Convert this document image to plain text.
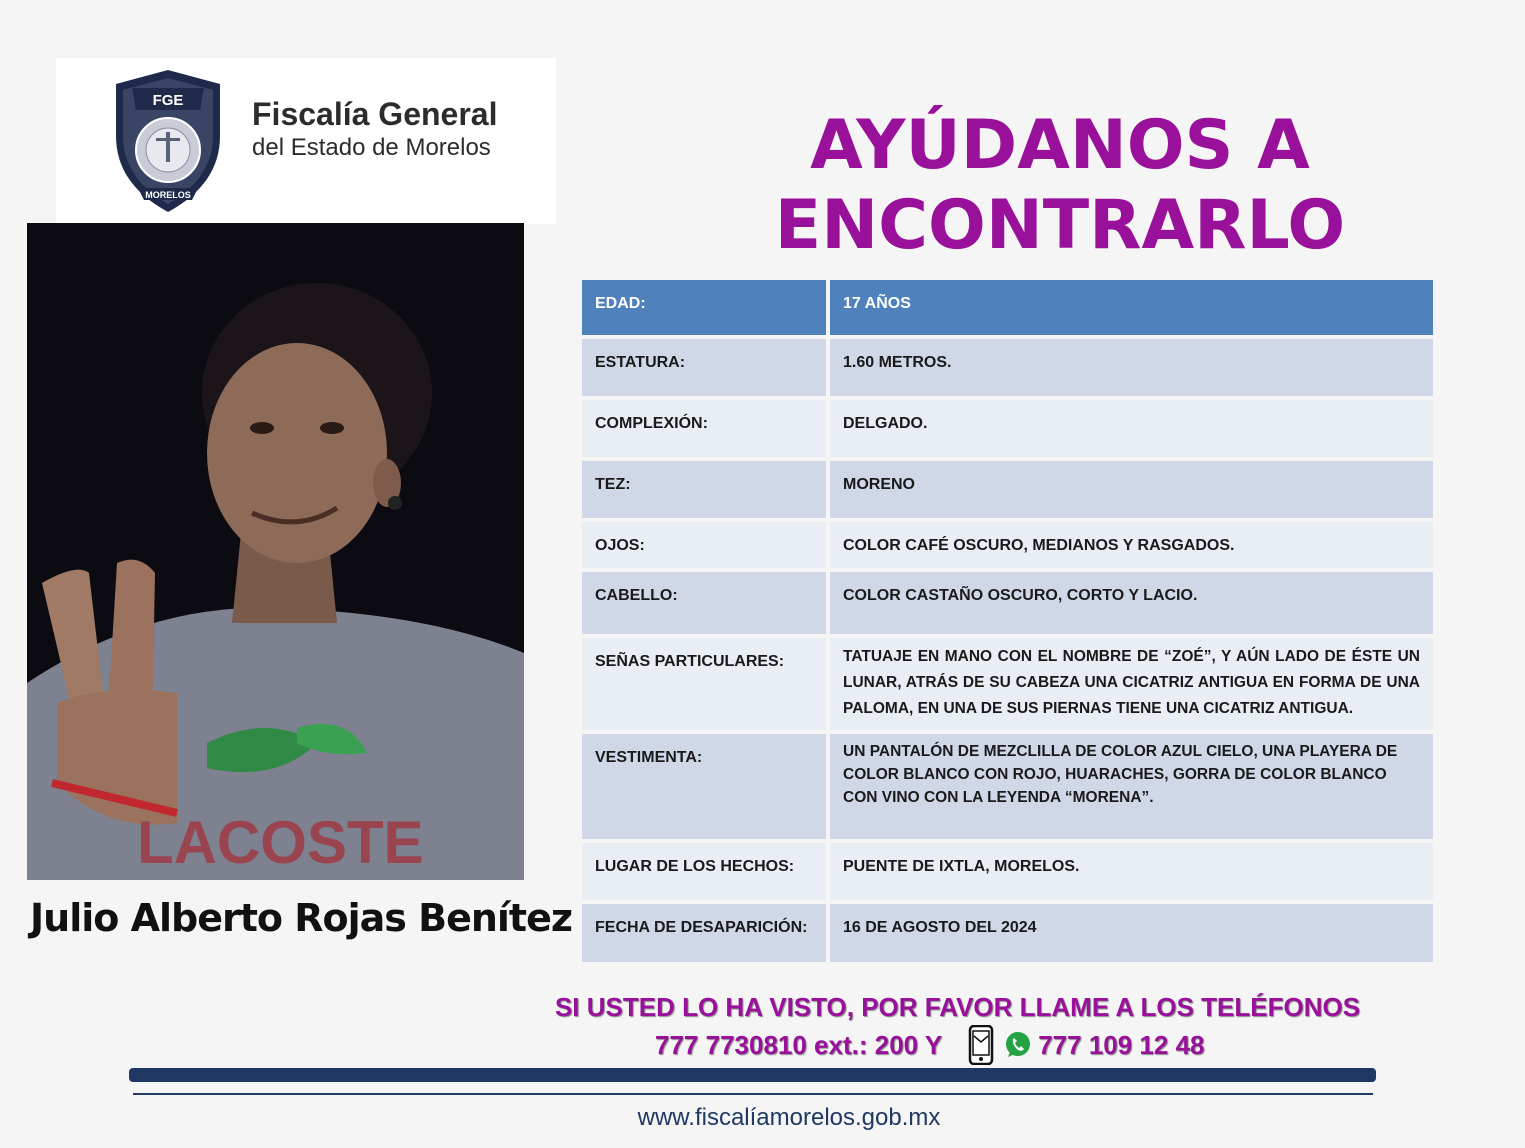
FGE
MORELOS
Fiscalía General
del Estado de Morelos
LACOSTE
Julio Alberto Rojas Benítez
AYÚDANOS A
ENCONTRARLO
EDAD:	17 AÑOS
ESTATURA:	1.60 METROS.
COMPLEXIÓN:	DELGADO.
TEZ:	MORENO
OJOS:	COLOR CAFÉ OSCURO, MEDIANOS Y RASGADOS.
CABELLO:	COLOR CASTAÑO OSCURO, CORTO Y LACIO.
SEÑAS PARTICULARES:	TATUAJE EN MANO CON EL NOMBRE DE “ZOÉ”, Y AÚN LADO DE ÉSTE UN LUNAR, ATRÁS DE SU CABEZA UNA CICATRIZ ANTIGUA EN FORMA DE UNA PALOMA, EN UNA DE SUS PIERNAS TIENE UNA CICATRIZ ANTIGUA.
VESTIMENTA:	UN PANTALÓN DE MEZCLILLA DE COLOR AZUL CIELO, UNA PLAYERA DE COLOR BLANCO CON ROJO, HUARACHES, GORRA DE COLOR BLANCO CON VINO CON LA LEYENDA “MORENA”.
LUGAR DE LOS HECHOS:	PUENTE DE IXTLA, MORELOS.
FECHA DE DESAPARICIÓN:	16 DE AGOSTO DEL 2024
SI USTED LO HA VISTO, POR FAVOR LLAME A LOS TELÉFONOS
777 7730810 ext.: 200 Y	777 109 12 48
www.fiscalíamorelos.gob.mx
